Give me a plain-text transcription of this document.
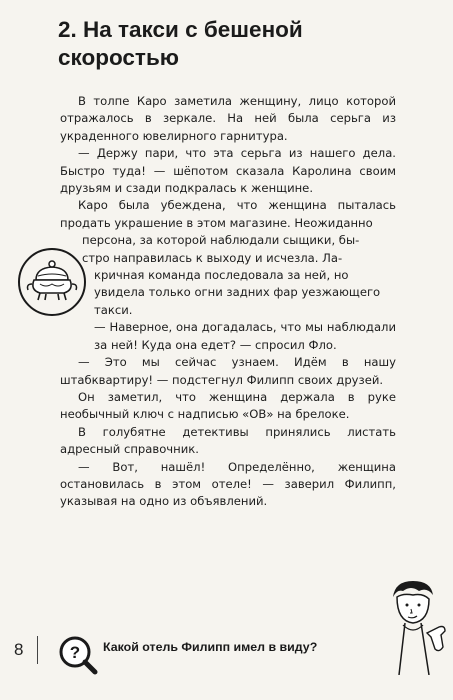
2. На такси с бешеной скоростью

В толпе Каро заметила женщину, лицо которой отражалось в зеркале. На ней была серьга из украденного ювелирного гарнитура.

— Держу пари, что эта серьга из нашего дела. Быстро туда! — шёпотом сказала Каролина своим друзьям и сзади подкралась к женщине.

Каро была убеждена, что женщина пыталась продать украшение в этом магазине. Неожиданно

персона, за которой наблюдали сыщики, бы-

стро направилась к выходу и исчезла. Ла-

кричная команда последовала за ней, но

увидела только огни задних фар уезжающего

такси.

— Наверное, она догадалась, что мы наблюдали за ней! Куда она едет? — спросил Фло.

— Это мы сейчас узнаем. Идём в нашу штабквартиру! — подстегнул Филипп своих друзей.

Он заметил, что женщина держала в руке необычный ключ с надписью «ОВ» на брелоке.

В голубятне детективы принялись листать адресный справочник.

— Вот, нашёл! Определённо, женщина остановилась в этом отеле! — заверил Филипп, указывая на одно из объявлений.

8	? Какой отель Филипп имел в виду?
